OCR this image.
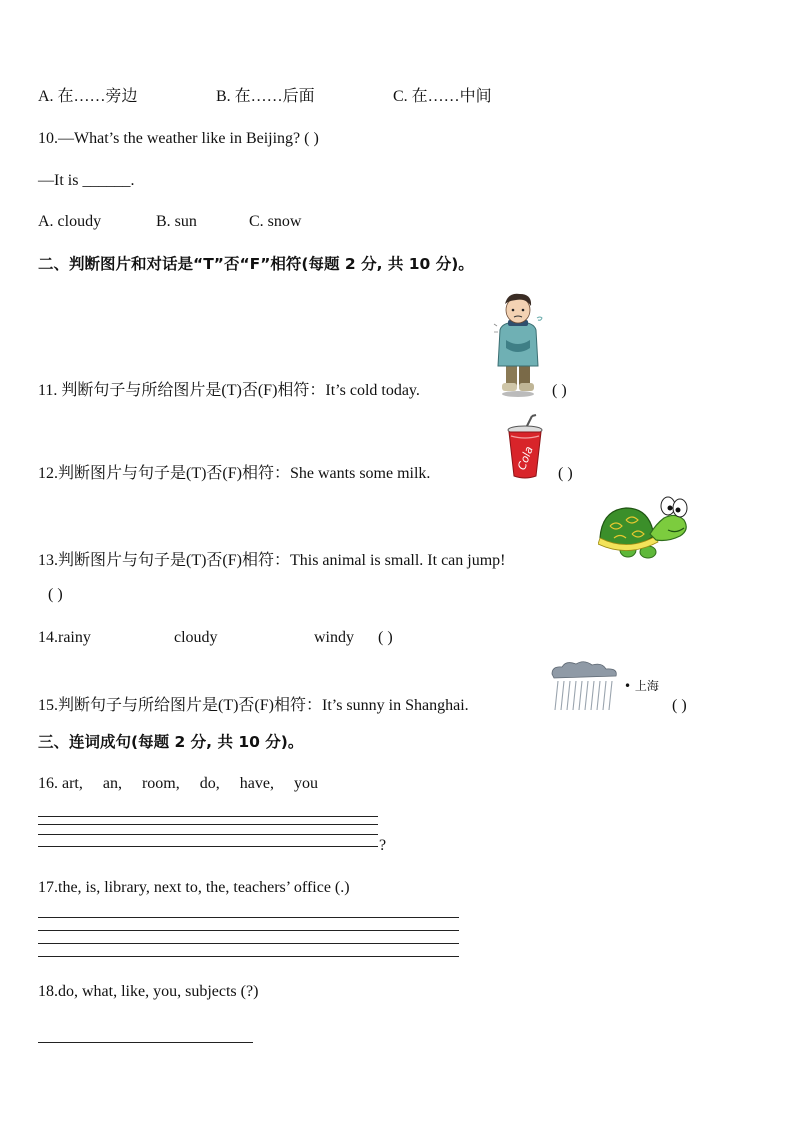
A. 在……旁边	B. 在……后面	C. 在……中间
10.—What’s the weather like in Beijing? ( )
—It is ______.
A. cloudy	B. sun	C. snow
二、判断图片和对话是“T”否“F”相符(每题 2 分, 共 10 分)。
11. 判断句子与所给图片是(T)否(F)相符：It’s cold today.	( )
12.判断图片与句子是(T)否(F)相符：She wants some milk.	( )
Cola
13.判断图片与句子是(T)否(F)相符：This animal is small. It can jump!
( )
14.rainy	cloudy	windy ( )
15.判断句子与所给图片是(T)否(F)相符：It’s sunny in Shanghai.
• 上海
( )
三、连词成句(每题 2 分, 共 10 分)。
16. art,     an,     room,     do,     have,     you
?
17.the, is, library, next to, the, teachers’ office (.)
18.do, what, like, you, subjects (?)
